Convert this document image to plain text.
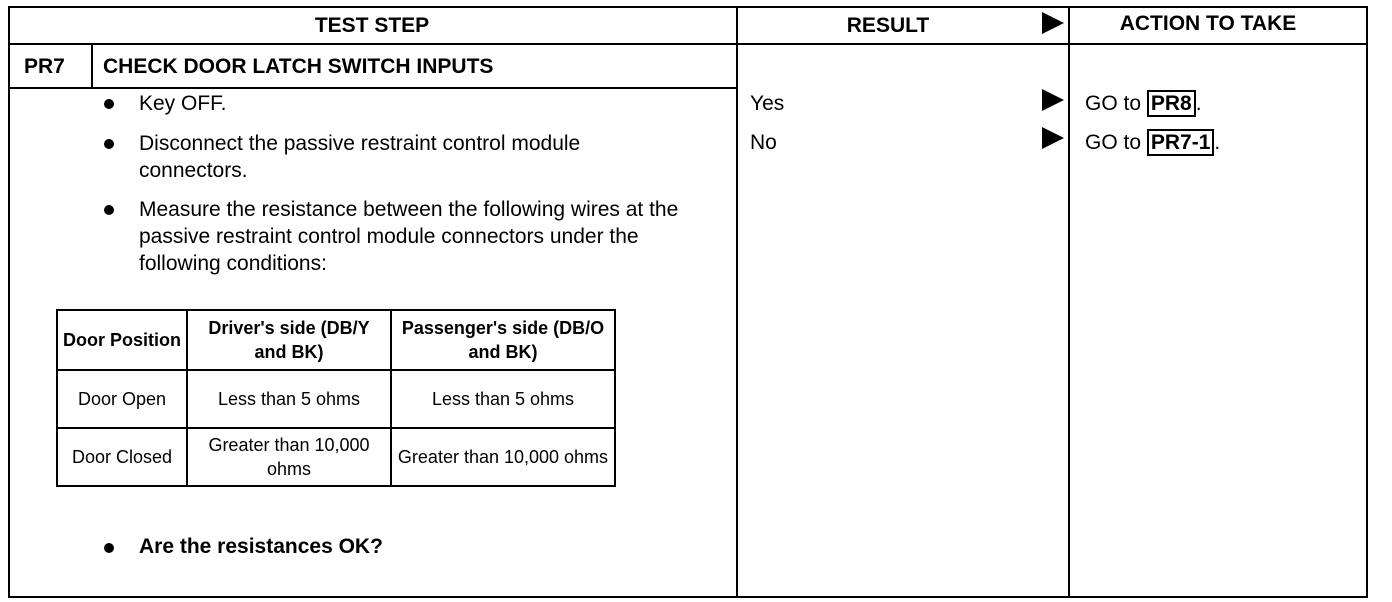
TEST STEP	RESULT	ACTION TO TAKE
PR7 CHECK DOOR LATCH SWITCH INPUTS
Key OFF.
Disconnect the passive restraint control module connectors.
Measure the resistance between the following wires at the passive restraint control module connectors under the following conditions:
Door Position	Driver's side (DB/Y and BK)	Passenger's side (DB/O and BK)
Door Open	Less than 5 ohms	Less than 5 ohms
Door Closed	Greater than 10,000 ohms	Greater than 10,000 ohms
Are the resistances OK?
Yes	GO to PR8 .
No	GO to PR7-1 .
